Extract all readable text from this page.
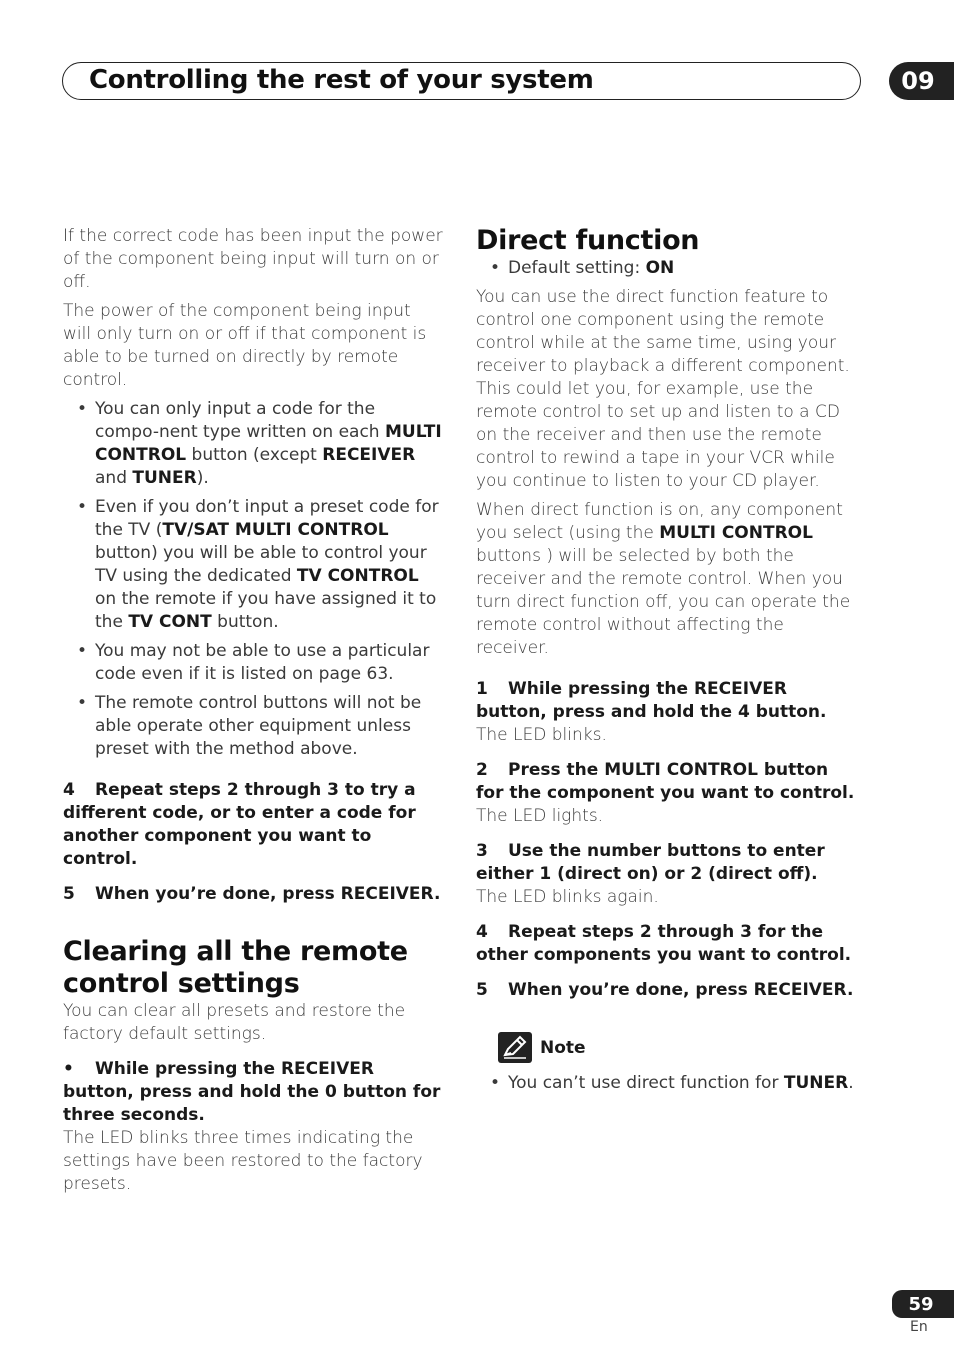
Controlling the rest of your system	09

If the correct code has been input the power of the component being input will turn on or off.

The power of the component being input will only turn on or off if that component is able to be turned on directly by remote control.

• You can only input a code for the compo-nent type written on each MULTI CONTROL button (except RECEIVER and TUNER).
• Even if you don’t input a preset code for the TV (TV/SAT MULTI CONTROL button) you will be able to control your TV using the dedicated TV CONTROL on the remote if you have assigned it to the TV CONT button.
• You may not be able to use a particular code even if it is listed on page 63.
• The remote control buttons will not be able operate other equipment unless preset with the method above.

4 Repeat steps 2 through 3 to try a different code, or to enter a code for another component you want to control.

5 When you’re done, press RECEIVER.

Clearing all the remote control settings

You can clear all presets and restore the factory default settings.

• While pressing the RECEIVER button, press and hold the 0 button for three seconds.

The LED blinks three times indicating the settings have been restored to the factory presets.

Direct function
• Default setting: ON

You can use the direct function feature to control one component using the remote control while at the same time, using your receiver to playback a different component. This could let you, for example, use the remote control to set up and listen to a CD on the receiver and then use the remote control to rewind a tape in your VCR while you continue to listen to your CD player.

When direct function is on, any component you select (using the MULTI CONTROL buttons ) will be selected by both the receiver and the remote control. When you turn direct function off, you can operate the remote control without affecting the receiver.

1 While pressing the RECEIVER button, press and hold the 4 button.

The LED blinks.

2 Press the MULTI CONTROL button for the component you want to control.

The LED lights.

3 Use the number buttons to enter either 1 (direct on) or 2 (direct off).

The LED blinks again.

4 Repeat steps 2 through 3 for the other components you want to control.

5 When you’re done, press RECEIVER.

Note
• You can’t use direct function for TUNER.
59
En
